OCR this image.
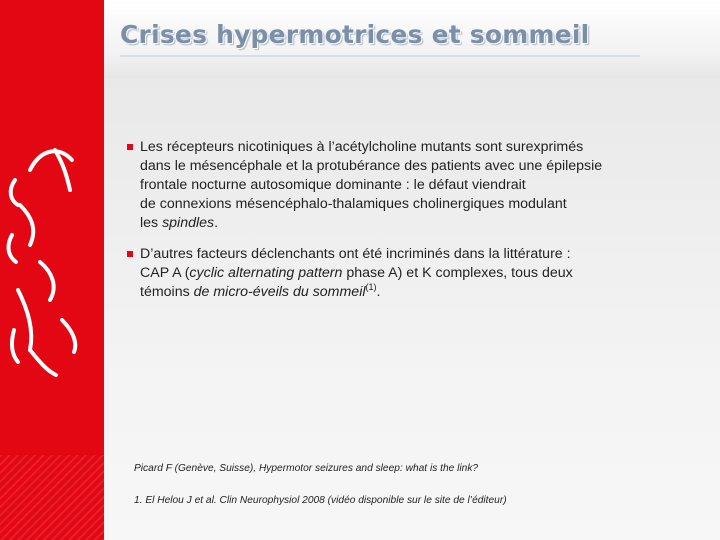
Crises hypermotrices et sommeil

Les récepteurs nicotiniques à l’acétylcholine mutants sont surexprimés

dans le mésencéphale et la protubérance des patients avec une épilepsie

frontale nocturne autosomique dominante : le défaut viendrait

de connexions mésencéphalo-thalamiques cholinergiques modulant

les spindles.

D’autres facteurs déclenchants ont été incriminés dans la littérature :

CAP A (cyclic alternating pattern phase A) et K complexes, tous deux

témoins de micro-éveils du sommeil$^{(1)}$.

Picard F (Genève, Suisse), Hypermotor seizures and sleep: what is the link?
1. El Helou J et al. Clin Neurophysiol 2008 (vidéo disponible sur le site de l’éditeur)
